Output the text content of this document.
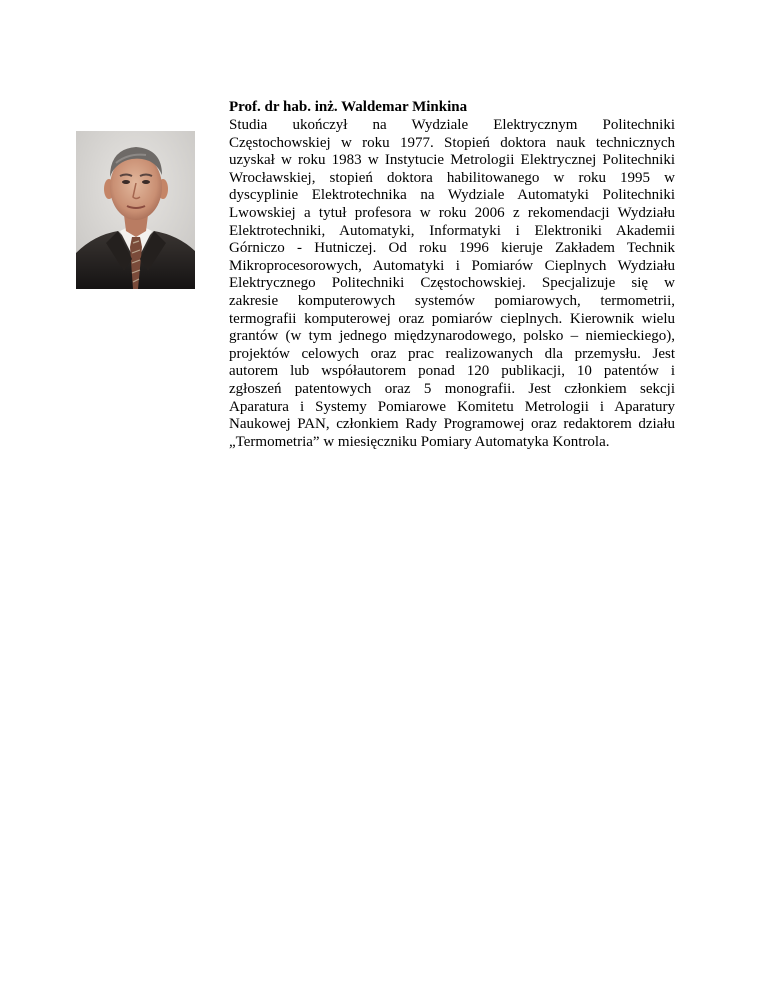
Prof. dr hab. inż. Waldemar Minkina
Studia ukończył na Wydziale Elektrycznym Politechniki
Częstochowskiej w roku 1977. Stopień doktora nauk technicznych
uzyskał w roku 1983 w Instytucie Metrologii Elektrycznej Politechniki
Wrocławskiej, stopień doktora habilitowanego w roku 1995 w
dyscyplinie Elektrotechnika na Wydziale Automatyki Politechniki
Lwowskiej a tytuł profesora w roku 2006 z rekomendacji Wydziału
Elektrotechniki, Automatyki, Informatyki i Elektroniki Akademii
Górniczo - Hutniczej. Od roku 1996 kieruje Zakładem Technik
Mikroprocesorowych, Automatyki i Pomiarów Cieplnych Wydziału
Elektrycznego Politechniki Częstochowskiej. Specjalizuje się w
zakresie komputerowych systemów pomiarowych, termometrii,
termografii komputerowej oraz pomiarów cieplnych. Kierownik wielu
grantów (w tym jednego międzynarodowego, polsko – niemieckiego),
projektów celowych oraz prac realizowanych dla przemysłu. Jest
autorem lub współautorem ponad 120 publikacji, 10 patentów i
zgłoszeń patentowych oraz 5 monografii. Jest członkiem sekcji
Aparatura i Systemy Pomiarowe Komitetu Metrologii i Aparatury
Naukowej PAN, członkiem Rady Programowej oraz redaktorem działu
„Termometria” w miesięczniku Pomiary Automatyka Kontrola.
